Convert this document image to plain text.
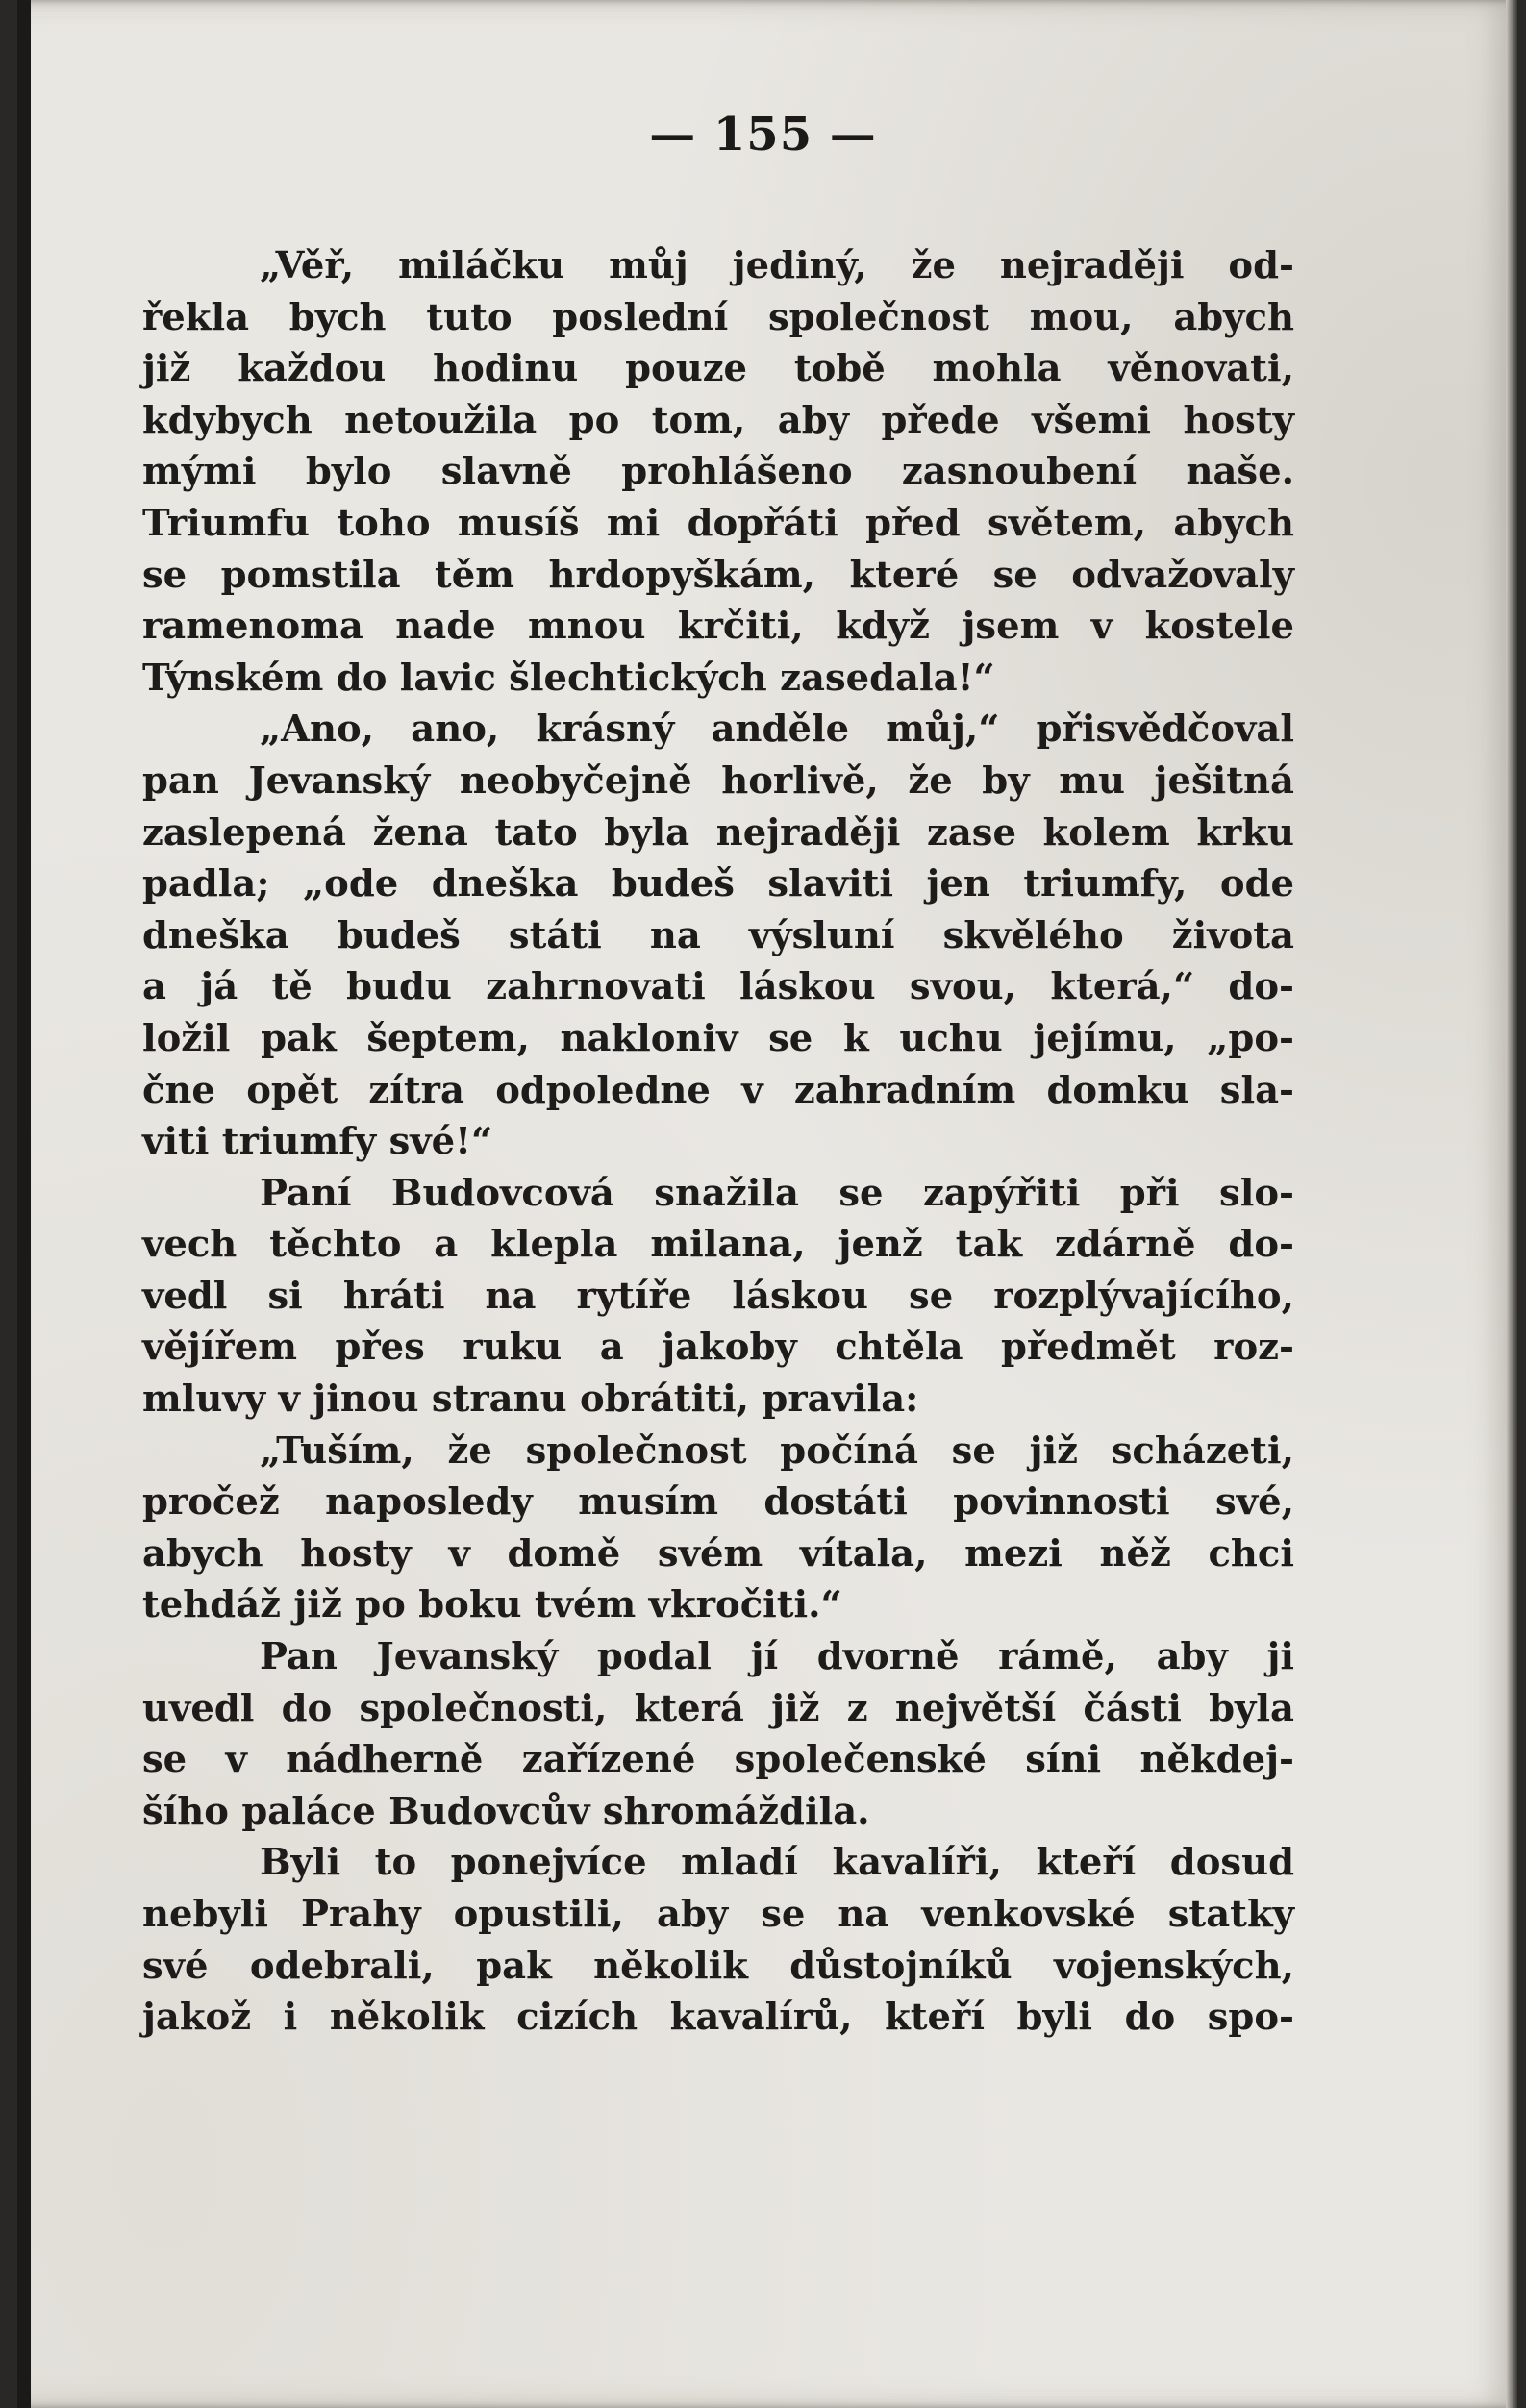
— 155 —
„Věř, miláčku můj jediný, že nejraději od-
řekla bych tuto poslední společnost mou, abych
již každou hodinu pouze tobě mohla věnovati,
kdybych netoužila po tom, aby přede všemi hosty
mými bylo slavně prohlášeno zasnoubení naše.
Triumfu toho musíš mi dopřáti před světem, abych
se pomstila těm hrdopyškám, které se odvažovaly
ramenoma nade mnou krčiti, když jsem v kostele
Týnském do lavic šlechtických zasedala!“
„Ano, ano, krásný anděle můj,“ přisvědčoval
pan Jevanský neobyčejně horlivě, že by mu ješitná
zaslepená žena tato byla nejraději zase kolem krku
padla; „ode dneška budeš slaviti jen triumfy, ode
dneška budeš státi na výsluní skvělého života
a já tě budu zahrnovati láskou svou, která,“ do-
ložil pak šeptem, nakloniv se k uchu jejímu, „po-
čne opět zítra odpoledne v zahradním domku sla-
viti triumfy své!“
Paní Budovcová snažila se zapýřiti při slo-
vech těchto a klepla milana, jenž tak zdárně do-
vedl si hráti na rytíře láskou se rozplývajícího,
vějířem přes ruku a jakoby chtěla předmět roz-
mluvy v jinou stranu obrátiti, pravila:
„Tuším, že společnost počíná se již scházeti,
pročež naposledy musím dostáti povinnosti své,
abych hosty v domě svém vítala, mezi něž chci
tehdáž již po boku tvém vkročiti.“
Pan Jevanský podal jí dvorně rámě, aby ji
uvedl do společnosti, která již z největší části byla
se v nádherně zařízené společenské síni někdej-
šího paláce Budovcův shromáždila.
Byli to ponejvíce mladí kavalíři, kteří dosud
nebyli Prahy opustili, aby se na venkovské statky
své odebrali, pak několik důstojníků vojenských,
jakož i několik cizích kavalírů, kteří byli do spo-
